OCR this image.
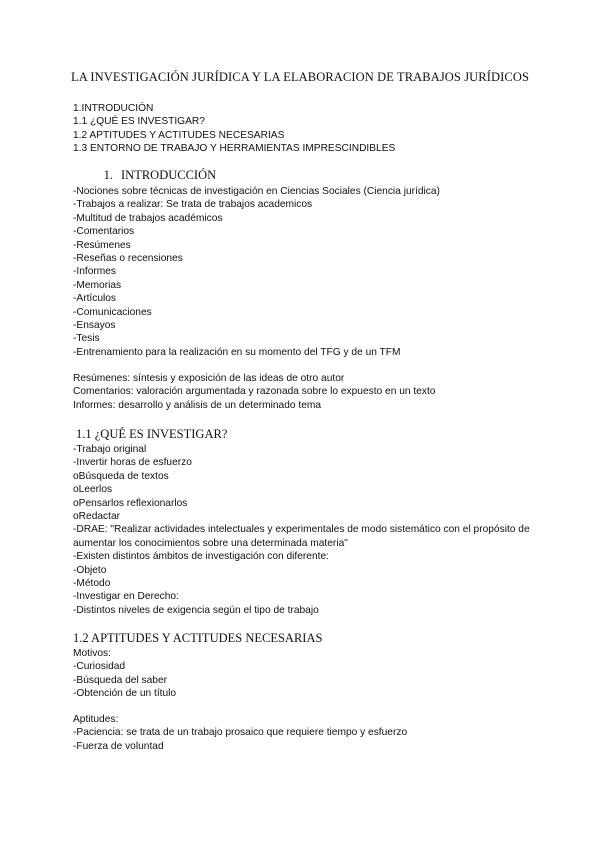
LA INVESTIGACIÓN JURÍDICA Y LA ELABORACION DE TRABAJOS JURÍDICOS
1.INTRODUCIÓN
1.1 ¿QUÉ ES INVESTIGAR?
1.2 APTITUDES Y ACTITUDES NECESARIAS
1.3 ENTORNO DE TRABAJO Y HERRAMIENTAS IMPRESCINDIBLES
1. INTRODUCCIÓN
-Nociones sobre técnicas de investigación en Ciencias Sociales (Ciencia jurídica)
-Trabajos a realizar: Se trata de trabajos academicos
-Multitud de trabajos académicos
-Comentarios
-Resúmenes
-Reseñas o recensiones
-Informes
-Memorias
-Artículos
-Comunicaciones
-Ensayos
-Tesis
-Entrenamiento para la realización en su momento del TFG y de un TFM
Resúmenes: síntesis y exposición de las ideas de otro autor
Comentarios: valoración argumentada y razonada sobre lo expuesto en un texto
Informes: desarrollo y análisis de un determinado tema
1.1 ¿QUÉ ES INVESTIGAR?
-Trabajo original
-Invertir horas de esfuerzo
oBúsqueda de textos
oLeerlos
oPensarlos reflexionarlos
oRedactar
-DRAE: "Realizar actividades intelectuales y experimentales de modo sistemático con el propósito de aumentar los conocimientos sobre una determinada materia"
-Existen distintos ámbitos de investigación con diferente:
-Objeto
-Método
-Investigar en Derecho:
-Distintos niveles de exigencia según el tipo de trabajo
1.2 APTITUDES Y ACTITUDES NECESARIAS
Motivos:
-Curiosidad
-Búsqueda del saber
-Obtención de un título
Aptitudes:
-Paciencia: se trata de un trabajo prosaico que requiere tiempo y esfuerzo
-Fuerza de voluntad
